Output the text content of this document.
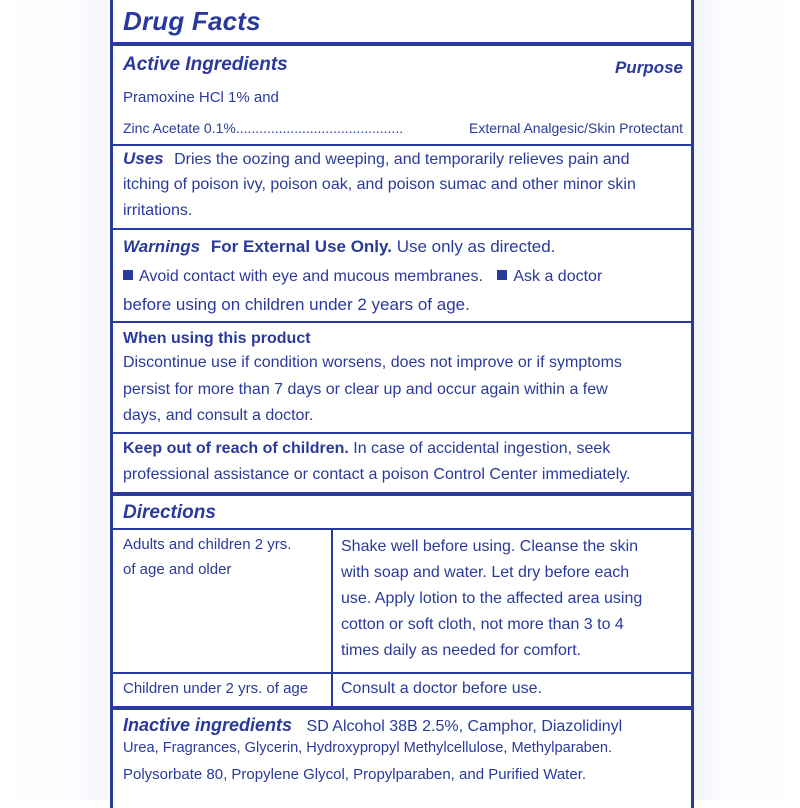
Drug Facts
Active Ingredients	Purpose
Pramoxine HCl 1% and
Zinc Acetate 0.1%...........................................	External Analgesic/Skin Protectant
Uses Dries the oozing and weeping, and temporarily relieves pain and
itching of poison ivy, poison oak, and poison sumac and other minor skin
irritations.
Warnings For External Use Only. Use only as directed.
Avoid contact with eye and mucous membranes. Ask a doctor
before using on children under 2 years of age.
When using this product
Discontinue use if condition worsens, does not improve or if symptoms
persist for more than 7 days or clear up and occur again within a few
days, and consult a doctor.
Keep out of reach of children. In case of accidental ingestion, seek
professional assistance or contact a poison Control Center immediately.
Directions
Adults and children 2 yrs.
of age and older
Shake well before using. Cleanse the skin
with soap and water. Let dry before each
use. Apply lotion to the affected area using
cotton or soft cloth, not more than 3 to 4
times daily as needed for comfort.
Children under 2 yrs. of age Consult a doctor before use.
Inactive ingredients SD Alcohol 38B 2.5%, Camphor, Diazolidinyl
Urea, Fragrances, Glycerin, Hydroxypropyl Methylcellulose, Methylparaben.
Polysorbate 80, Propylene Glycol, Propylparaben, and Purified Water.
